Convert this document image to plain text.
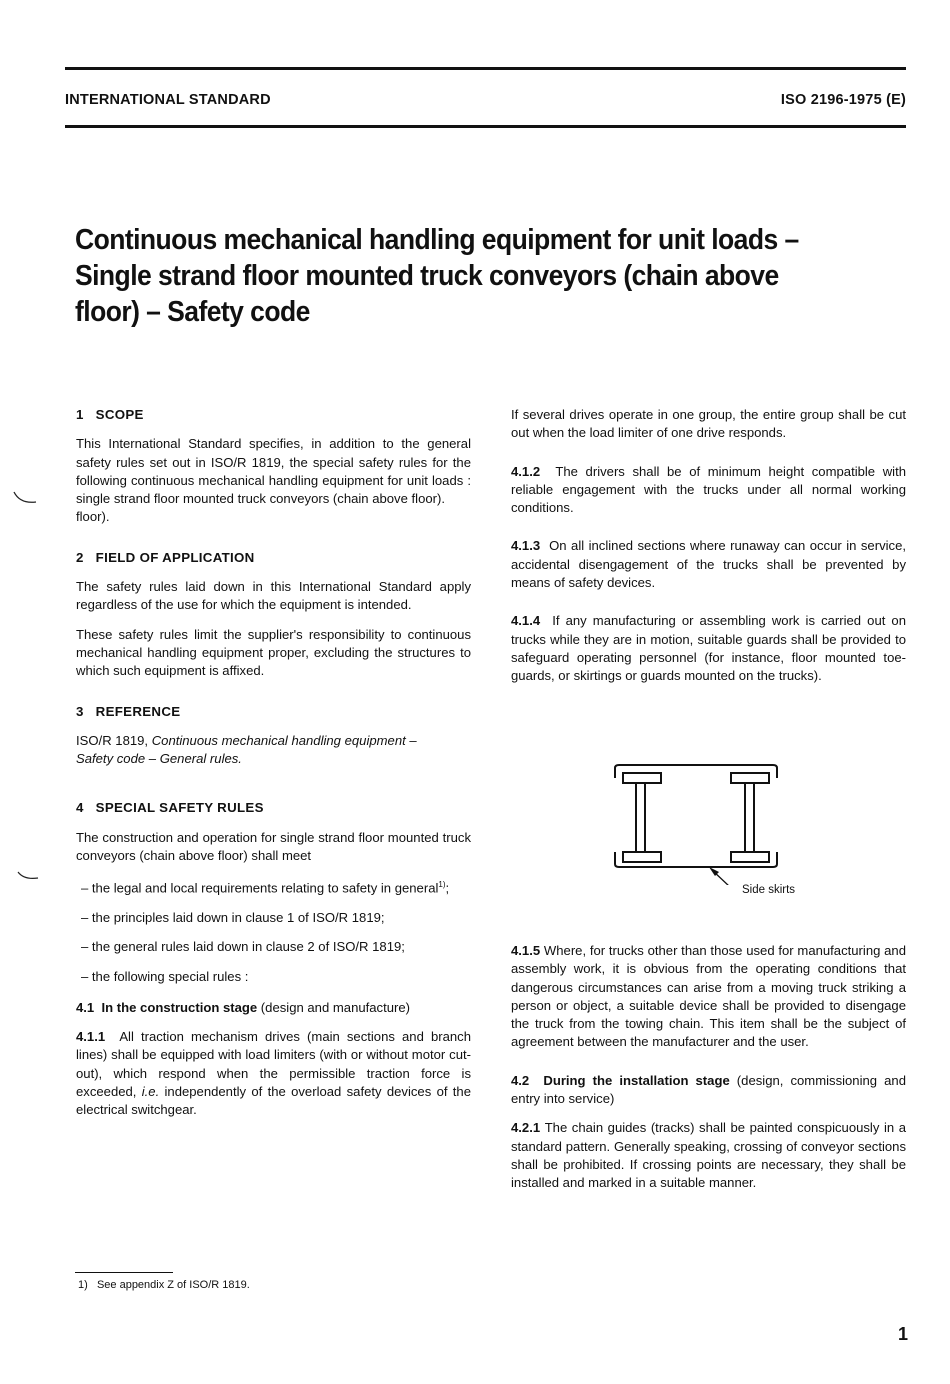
INTERNATIONAL STANDARD	ISO 2196-1975 (E)
Continuous mechanical handling equipment for unit loads –
Single strand floor mounted truck conveyors (chain above
floor) – Safety code

1   SCOPE

This International Standard specifies, in addition to the general safety rules set out in ISO/R 1819, the special safety rules for the following continuous mechanical handling equipment for unit loads : single strand floor mounted truck conveyors (chain above floor).

floor).

2   FIELD OF APPLICATION

The safety rules laid down in this International Standard apply regardless of the use for which the equipment is intended.

These safety rules limit the supplier's responsibility to continuous mechanical handling equipment proper, excluding the structures to which such equipment is affixed.

3   REFERENCE

ISO/R 1819, Continuous mechanical handling equipment –
Safety code – General rules.

4   SPECIAL SAFETY RULES

The construction and operation for single strand floor mounted truck conveyors (chain above floor) shall meet

– the legal and local requirements relating to safety in general$^{1)}$;

– the principles laid down in clause 1 of ISO/R 1819;

– the general rules laid down in clause 2 of ISO/R 1819;

– the following special rules :

4.1 In the construction stage (design and manufacture)

4.1.1 All traction mechanism drives (main sections and branch lines) shall be equipped with load limiters (with or without motor cut-out), which respond when the permissible traction force is exceeded, i.e. independently of the overload safety devices of the electrical switchgear.

If several drives operate in one group, the entire group shall be cut out when the load limiter of one drive responds.

4.1.2 The drivers shall be of minimum height compatible with reliable engagement with the trucks under all normal working conditions.

4.1.3 On all inclined sections where runaway can occur in service, accidental disengagement of the trucks shall be prevented by means of safety devices.

4.1.4 If any manufacturing or assembling work is carried out on trucks while they are in motion, suitable guards shall be provided to safeguard operating personnel (for instance, floor mounted toe-guards, or skirtings or guards mounted on the trucks).

Side skirts

4.1.5 Where, for trucks other than those used for manufacturing and assembly work, it is obvious from the operating conditions that dangerous circumstances can arise from a moving truck striking a person or object, a suitable device shall be provided to disengage the truck from the towing chain. This item shall be the subject of agreement between the manufacturer and the user.

4.2 During the installation stage (design, commissioning and entry into service)

4.2.1 The chain guides (tracks) shall be painted conspicuously in a standard pattern. Generally speaking, crossing of conveyor sections shall be prohibited. If crossing points are necessary, they shall be installed and marked in a suitable manner.

1)   See appendix Z of ISO/R 1819.
1
